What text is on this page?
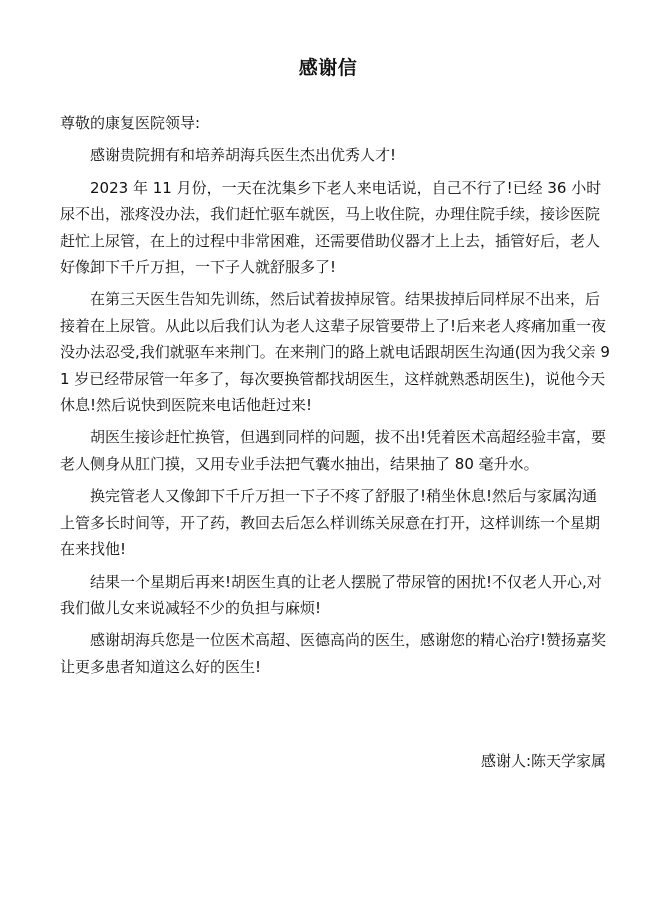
感谢信

尊敬的康复医院领导:

感谢贵院拥有和培养胡海兵医生杰出优秀人才!

2023 年 11 月份，一天在沈集乡下老人来电话说，自己不行了!已经 36 小时尿不出，涨疼没办法，我们赶忙驱车就医，马上收住院，办理住院手续，接诊医院赶忙上尿管，在上的过程中非常困难，还需要借助仪器才上上去，插管好后，老人好像卸下千斤万担，一下子人就舒服多了!

在第三天医生告知先训练，然后试着拔掉尿管。结果拔掉后同样尿不出来，后接着在上尿管。从此以后我们认为老人这辈子尿管要带上了!后来老人疼痛加重一夜没办法忍受,我们就驱车来荆门。在来荆门的路上就电话跟胡医生沟通(因为我父亲 91 岁已经带尿管一年多了，每次要换管都找胡医生，这样就熟悉胡医生)，说他今天休息!然后说快到医院来电话他赶过来!

胡医生接诊赶忙换管，但遇到同样的问题，拔不出!凭着医术高超经验丰富，要老人侧身从肛门摸，又用专业手法把气囊水抽出，结果抽了 80 毫升水。

换完管老人又像卸下千斤万担一下子不疼了舒服了!稍坐休息!然后与家属沟通上管多长时间等，开了药，教回去后怎么样训练关尿意在打开，这样训练一个星期在来找他!

结果一个星期后再来!胡医生真的让老人摆脱了带尿管的困扰!不仅老人开心,对我们做儿女来说减轻不少的负担与麻烦!

感谢胡海兵您是一位医术高超、医德高尚的医生，感谢您的精心治疗!赞扬嘉奖让更多患者知道这么好的医生!

感谢人:陈天学家属
